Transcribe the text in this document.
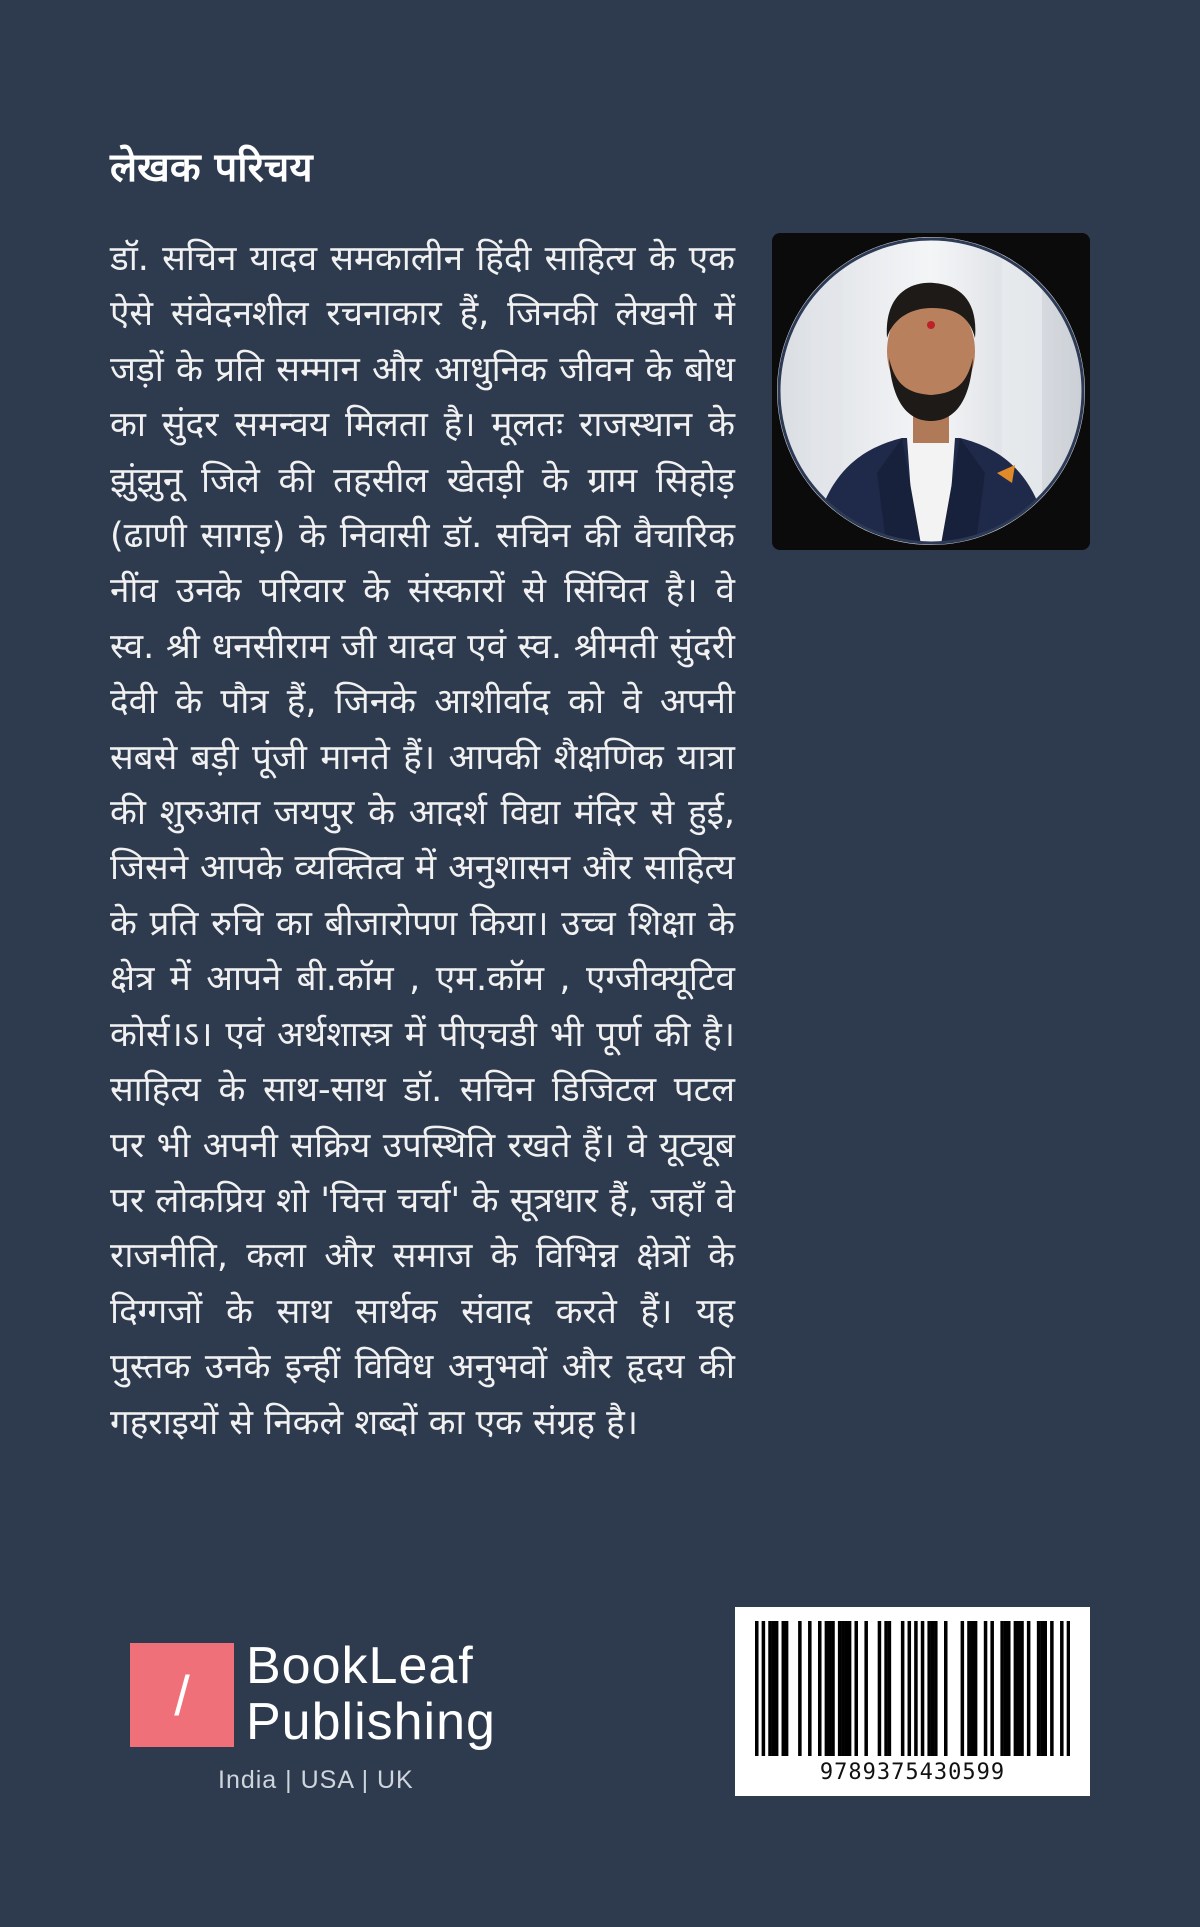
लेखक परिचय

डॉ. सचिन यादव समकालीन हिंदी साहित्य के एक ऐसे संवेदनशील रचनाकार हैं, जिनकी लेखनी में जड़ों के प्रति सम्मान और आधुनिक जीवन के बोध का सुंदर समन्वय मिलता है। मूलतः राजस्थान के झुंझुनू जिले की तहसील खेतड़ी के ग्राम सिहोड़ (ढाणी सागड़) के निवासी डॉ. सचिन की वैचारिक नींव उनके परिवार के संस्कारों से सिंचित है। वे स्व. श्री धनसीराम जी यादव एवं स्व. श्रीमती सुंदरी देवी के पौत्र हैं, जिनके आशीर्वाद को वे अपनी सबसे बड़ी पूंजी मानते हैं। आपकी शैक्षणिक यात्रा की शुरुआत जयपुर के आदर्श विद्या मंदिर से हुई, जिसने आपके व्यक्तित्व में अनुशासन और साहित्य के प्रति रुचि का बीजारोपण किया। उच्च शिक्षा के क्षेत्र में आपने बी.कॉम , एम.कॉम , एग्जीक्यूटिव कोर्स।ऽ। एवं अर्थशास्त्र में पीएचडी भी पूर्ण की है।साहित्य के साथ-साथ डॉ. सचिन डिजिटल पटल पर भी अपनी सक्रिय उपस्थिति रखते हैं। वे यूट्यूब पर लोकप्रिय शो 'चित्त चर्चा' के सूत्रधार हैं, जहाँ वे राजनीति, कला और समाज के विभिन्न क्षेत्रों के दिग्गजों के साथ सार्थक संवाद करते हैं। यह पुस्तक उनके इन्हीं विविध अनुभवों और हृदय की गहराइयों से निकले शब्दों का एक संग्रह है।

/	BookLeaf
Publishing
India | USA | UK	9789375430599
